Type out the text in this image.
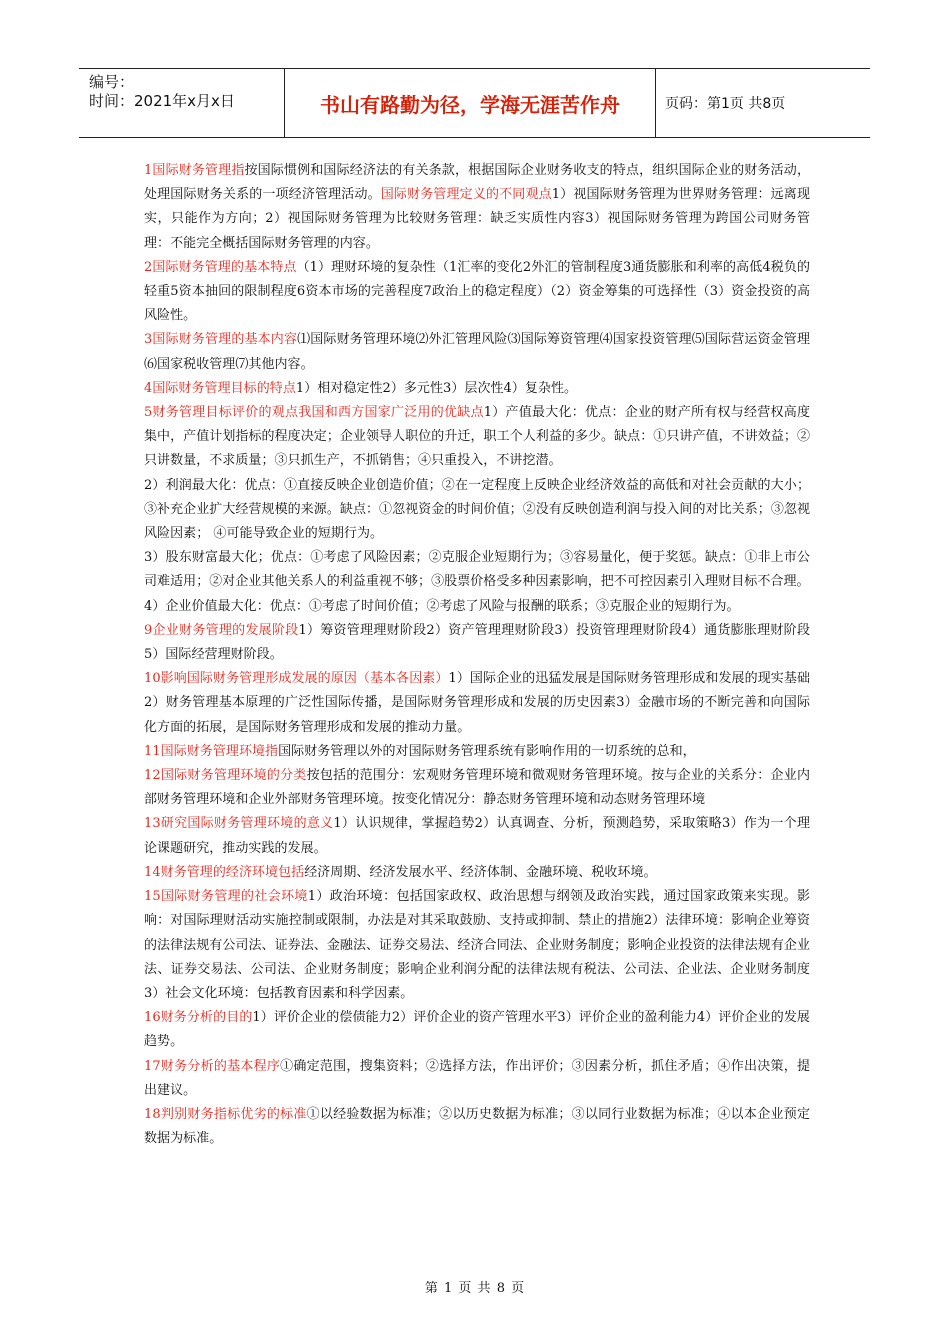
编号：
时间：2021年x月x日	书山有路勤为径，学海无涯苦作舟	页码：第1页 共8页

1国际财务管理指按国际惯例和国际经济法的有关条款，根据国际企业财务收支的特点，组织国际企业的财务活动，处理国际财务关系的一项经济管理活动。国际财务管理定义的不同观点1）视国际财务管理为世界财务管理：远离现实，只能作为方向；2）视国际财务管理为比较财务管理：缺乏实质性内容3）视国际财务管理为跨国公司财务管理：不能完全概括国际财务管理的内容。

2国际财务管理的基本特点（1）理财环境的复杂性（1汇率的变化2外汇的管制程度3通货膨胀和利率的高低4税负的轻重5资本抽回的限制程度6资本市场的完善程度7政治上的稳定程度）（2）资金筹集的可选择性（3）资金投资的高风险性。

3国际财务管理的基本内容⑴国际财务管理环境⑵外汇管理风险⑶国际筹资管理⑷国家投资管理⑸国际营运资金管理⑹国家税收管理⑺其他内容。

4国际财务管理目标的特点1）相对稳定性2）多元性3）层次性4）复杂性。

5财务管理目标评价的观点我国和西方国家广泛用的优缺点1）产值最大化：优点：企业的财产所有权与经营权高度集中，产值计划指标的程度决定；企业领导人职位的升迁，职工个人利益的多少。缺点：①只讲产值，不讲效益；②只讲数量，不求质量；③只抓生产，不抓销售；④只重投入，不讲挖潜。

2）利润最大化：优点：①直接反映企业创造价值；②在一定程度上反映企业经济效益的高低和对社会贡献的大小；③补充企业扩大经营规模的来源。缺点：①忽视资金的时间价值；②没有反映创造利润与投入间的对比关系；③忽视风险因素； ④可能导致企业的短期行为。

3）股东财富最大化；优点：①考虑了风险因素；②克服企业短期行为；③容易量化，便于奖惩。缺点：①非上市公司难适用；②对企业其他关系人的利益重视不够；③股票价格受多种因素影响，把不可控因素引入理财目标不合理。

4）企业价值最大化：优点：①考虑了时间价值；②考虑了风险与报酬的联系；③克服企业的短期行为。

9企业财务管理的发展阶段1）筹资管理理财阶段2）资产管理理财阶段3）投资管理理财阶段4）通货膨胀理财阶段5）国际经营理财阶段。

10影响国际财务管理形成发展的原因（基本各因素）1）国际企业的迅猛发展是国际财务管理形成和发展的现实基础2）财务管理基本原理的广泛性国际传播，是国际财务管理形成和发展的历史因素3）金融市场的不断完善和向国际化方面的拓展，是国际财务管理形成和发展的推动力量。

11国际财务管理环境指国际财务管理以外的对国际财务管理系统有影响作用的一切系统的总和，

12国际财务管理环境的分类按包括的范围分：宏观财务管理环境和微观财务管理环境。按与企业的关系分：企业内部财务管理环境和企业外部财务管理环境。按变化情况分：静态财务管理环境和动态财务管理环境

13研究国际财务管理环境的意义1）认识规律，掌握趋势2）认真调查、分析，预测趋势，采取策略3）作为一个理论课题研究，推动实践的发展。

14财务管理的经济环境包括经济周期、经济发展水平、经济体制、金融环境、税收环境。

15国际财务管理的社会环境1）政治环境：包括国家政权、政治思想与纲领及政治实践，通过国家政策来实现。影响：对国际理财活动实施控制或限制，办法是对其采取鼓励、支持或抑制、禁止的措施2）法律环境：影响企业筹资的法律法规有公司法、证券法、金融法、证券交易法、经济合同法、企业财务制度；影响企业投资的法律法规有企业法、证券交易法、公司法、企业财务制度；影响企业利润分配的法律法规有税法、公司法、企业法、企业财务制度3）社会文化环境：包括教育因素和科学因素。

16财务分析的目的1）评价企业的偿债能力2）评价企业的资产管理水平3）评价企业的盈利能力4）评价企业的发展趋势。

17财务分析的基本程序①确定范围，搜集资料；②选择方法，作出评价；③因素分析，抓住矛盾；④作出决策，提出建议。

18判别财务指标优劣的标准①以经验数据为标准；②以历史数据为标准；③以同行业数据为标准；④以本企业预定数据为标准。

第 1 页 共 8 页
